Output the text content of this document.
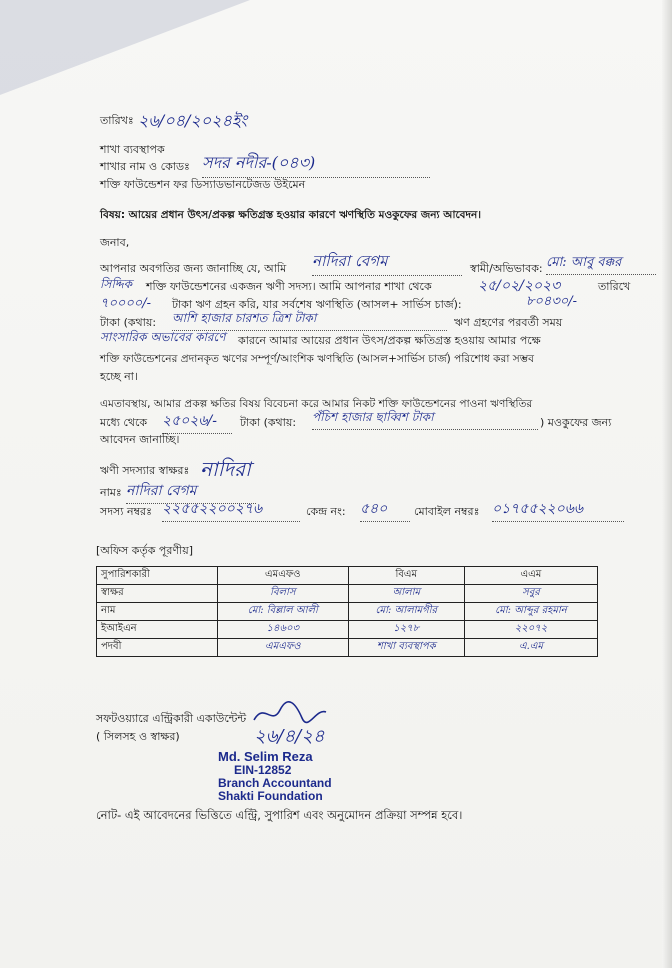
তারিখঃ ২৬/০৪/২০২৪ইং
শাখা ব্যবস্থাপক
শাখার নাম ও কোডঃ সদর নদীর-(০৪৩)
শক্তি ফাউন্ডেশন ফর ডিস্যাডভানটেজড উইমেন
বিষয়: আয়ের প্রধান উৎস/প্রকল্প ক্ষতিগ্রস্ত হওয়ার কারণে ঋণস্থিতি মওকুফের জন্য আবেদন।
জনাব,
আপনার অবগতির জন্য জানাচ্ছি যে, আমি নাদিরা বেগম	স্বামী/অভিভাবক: মো: আবু বক্কর
সিদ্দিক শক্তি ফাউন্ডেশনের একজন ঋণী সদস্য। আমি আপনার শাখা থেকে	২৫/০২/২০২৩	তারিখে
৭০০০০/- টাকা ঋণ গ্রহন করি, যার সর্বশেষ ঋণস্থিতি (আসল+ সার্ভিস চার্জ):	৮০৪৩০/-
টাকা (কথায়: আশি হাজার চারশত ত্রিশ টাকা	ঋণ গ্রহণের পরবর্তী সময়
সাংসারিক অভাবের কারণে কারনে আমার আয়ের প্রধান উৎস/প্রকল্প ক্ষতিগ্রস্ত হওয়ায় আমার পক্ষে
শক্তি ফাউন্ডেশনের প্রদানকৃত ঋণের সম্পূর্ণ/আংশিক ঋণস্থিতি (আসল+সার্ভিস চার্জ) পরিশোধ করা সম্ভব
হচ্ছে না।
এমতাবস্থায়, আমার প্রকল্প ক্ষতির বিষয় বিবেচনা করে আমার নিকট শক্তি ফাউন্ডেশনের পাওনা ঋণস্থিতির
মধ্যে থেকে ২৫০২৬/-	টাকা (কথায়: পঁচিশ হাজার ছাব্বিশ টাকা	) মওকুফের জন্য
আবেদন জানাচ্ছি।
ঋণী সদস্যার স্বাক্ষরঃ নাদিরা
নামঃ নাদিরা বেগম
সদস্য নম্বরঃ ২২৫৫২২০০২৭৬	কেন্দ্র নং: ৫৪০	মোবাইল নম্বরঃ ০১৭৫৫২২০৬৬
[অফিস কর্তৃক পূরণীয়]
সুপারিশকারী	এমএফও	বিএম	এএম
স্বাক্ষর	বিলাস	আলাম	সবুর
নাম	মো: বিল্লাল আলী	মো: আলামগীর	মো: আব্দুর রহমান
ইআইএন	১৪৬০৩	১২৭৮	২২০৭২
পদবী	এমএফও	শাখা ব্যবস্থাপক	এ.এম
সফটওয়্যারে এন্ট্রিকারী একাউন্টেন্ট
( সিলসহ ও স্বাক্ষর)	২৬/৪/২৪
Md. Selim Reza
EIN-12852
Branch Accountand
Shakti Foundation
নোট- এই আবেদনের ভিত্তিতে এন্ট্রি, সুপারিশ এবং অনুমোদন প্রক্রিয়া সম্পন্ন হবে।
